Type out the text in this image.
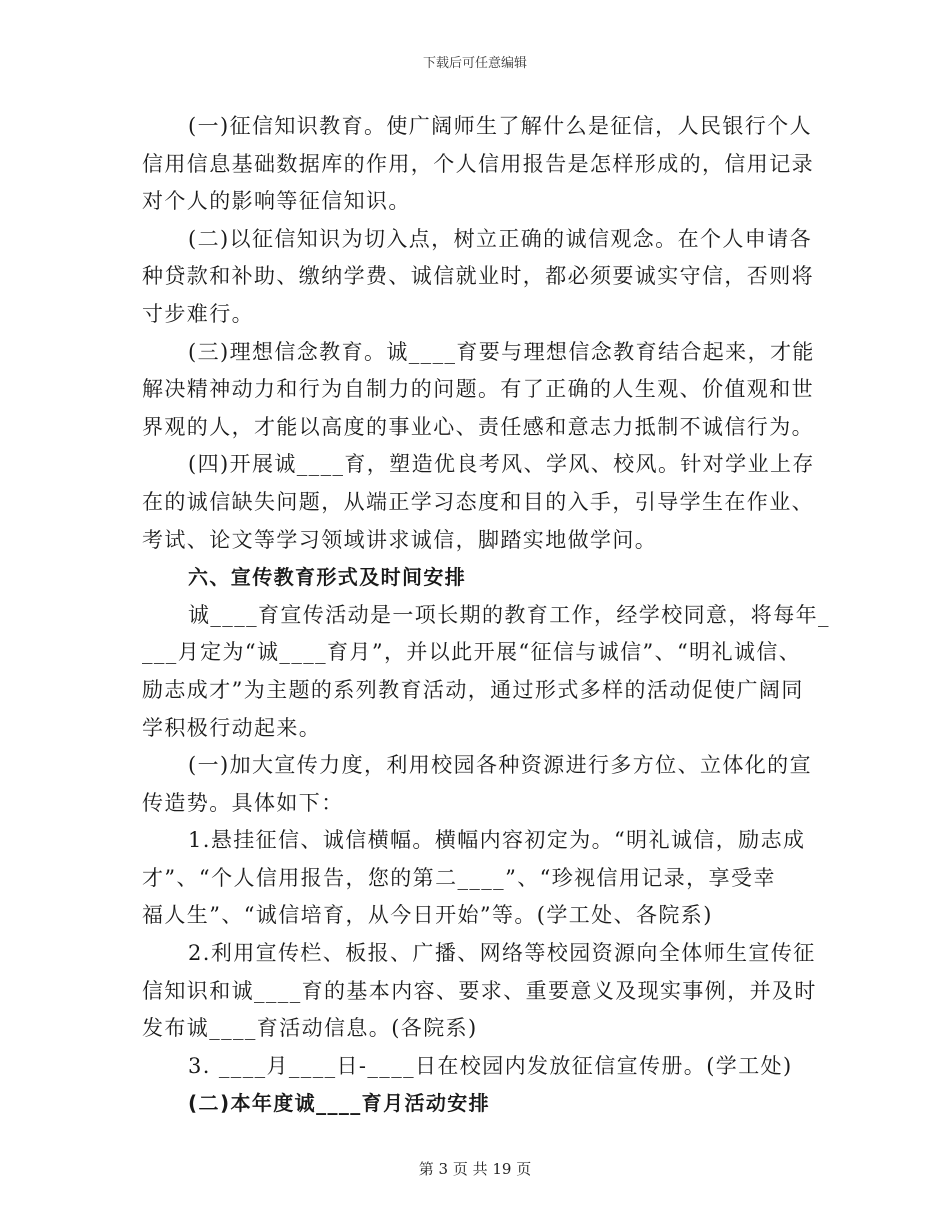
下载后可任意编辑
(一)征信知识教育。使广阔师生了解什么是征信，人民银行个人
信用信息基础数据库的作用，个人信用报告是怎样形成的，信用记录
对个人的影响等征信知识。
(二)以征信知识为切入点，树立正确的诚信观念。在个人申请各
种贷款和补助、缴纳学费、诚信就业时，都必须要诚实守信，否则将
寸步难行。
(三)理想信念教育。诚____育要与理想信念教育结合起来，才能
解决精神动力和行为自制力的问题。有了正确的人生观、价值观和世
界观的人，才能以高度的事业心、责任感和意志力抵制不诚信行为。
(四)开展诚____育，塑造优良考风、学风、校风。针对学业上存
在的诚信缺失问题，从端正学习态度和目的入手，引导学生在作业、
考试、论文等学习领域讲求诚信，脚踏实地做学问。
六、宣传教育形式及时间安排
诚____育宣传活动是一项长期的教育工作，经学校同意，将每年_
___月定为“诚____育月”，并以此开展“征信与诚信”、“明礼诚信、
励志成才”为主题的系列教育活动，通过形式多样的活动促使广阔同
学积极行动起来。
(一)加大宣传力度，利用校园各种资源进行多方位、立体化的宣
传造势。具体如下：
1.悬挂征信、诚信横幅。横幅内容初定为。“明礼诚信，励志成
才”、“个人信用报告，您的第二____”、“珍视信用记录，享受幸
福人生”、“诚信培育，从今日开始”等。(学工处、各院系)
2.利用宣传栏、板报、广播、网络等校园资源向全体师生宣传征
信知识和诚____育的基本内容、要求、重要意义及现实事例，并及时
发布诚____育活动信息。(各院系)
3. ____月____日-____日在校园内发放征信宣传册。(学工处)
(二)本年度诚____育月活动安排
第 3 页 共 19 页
